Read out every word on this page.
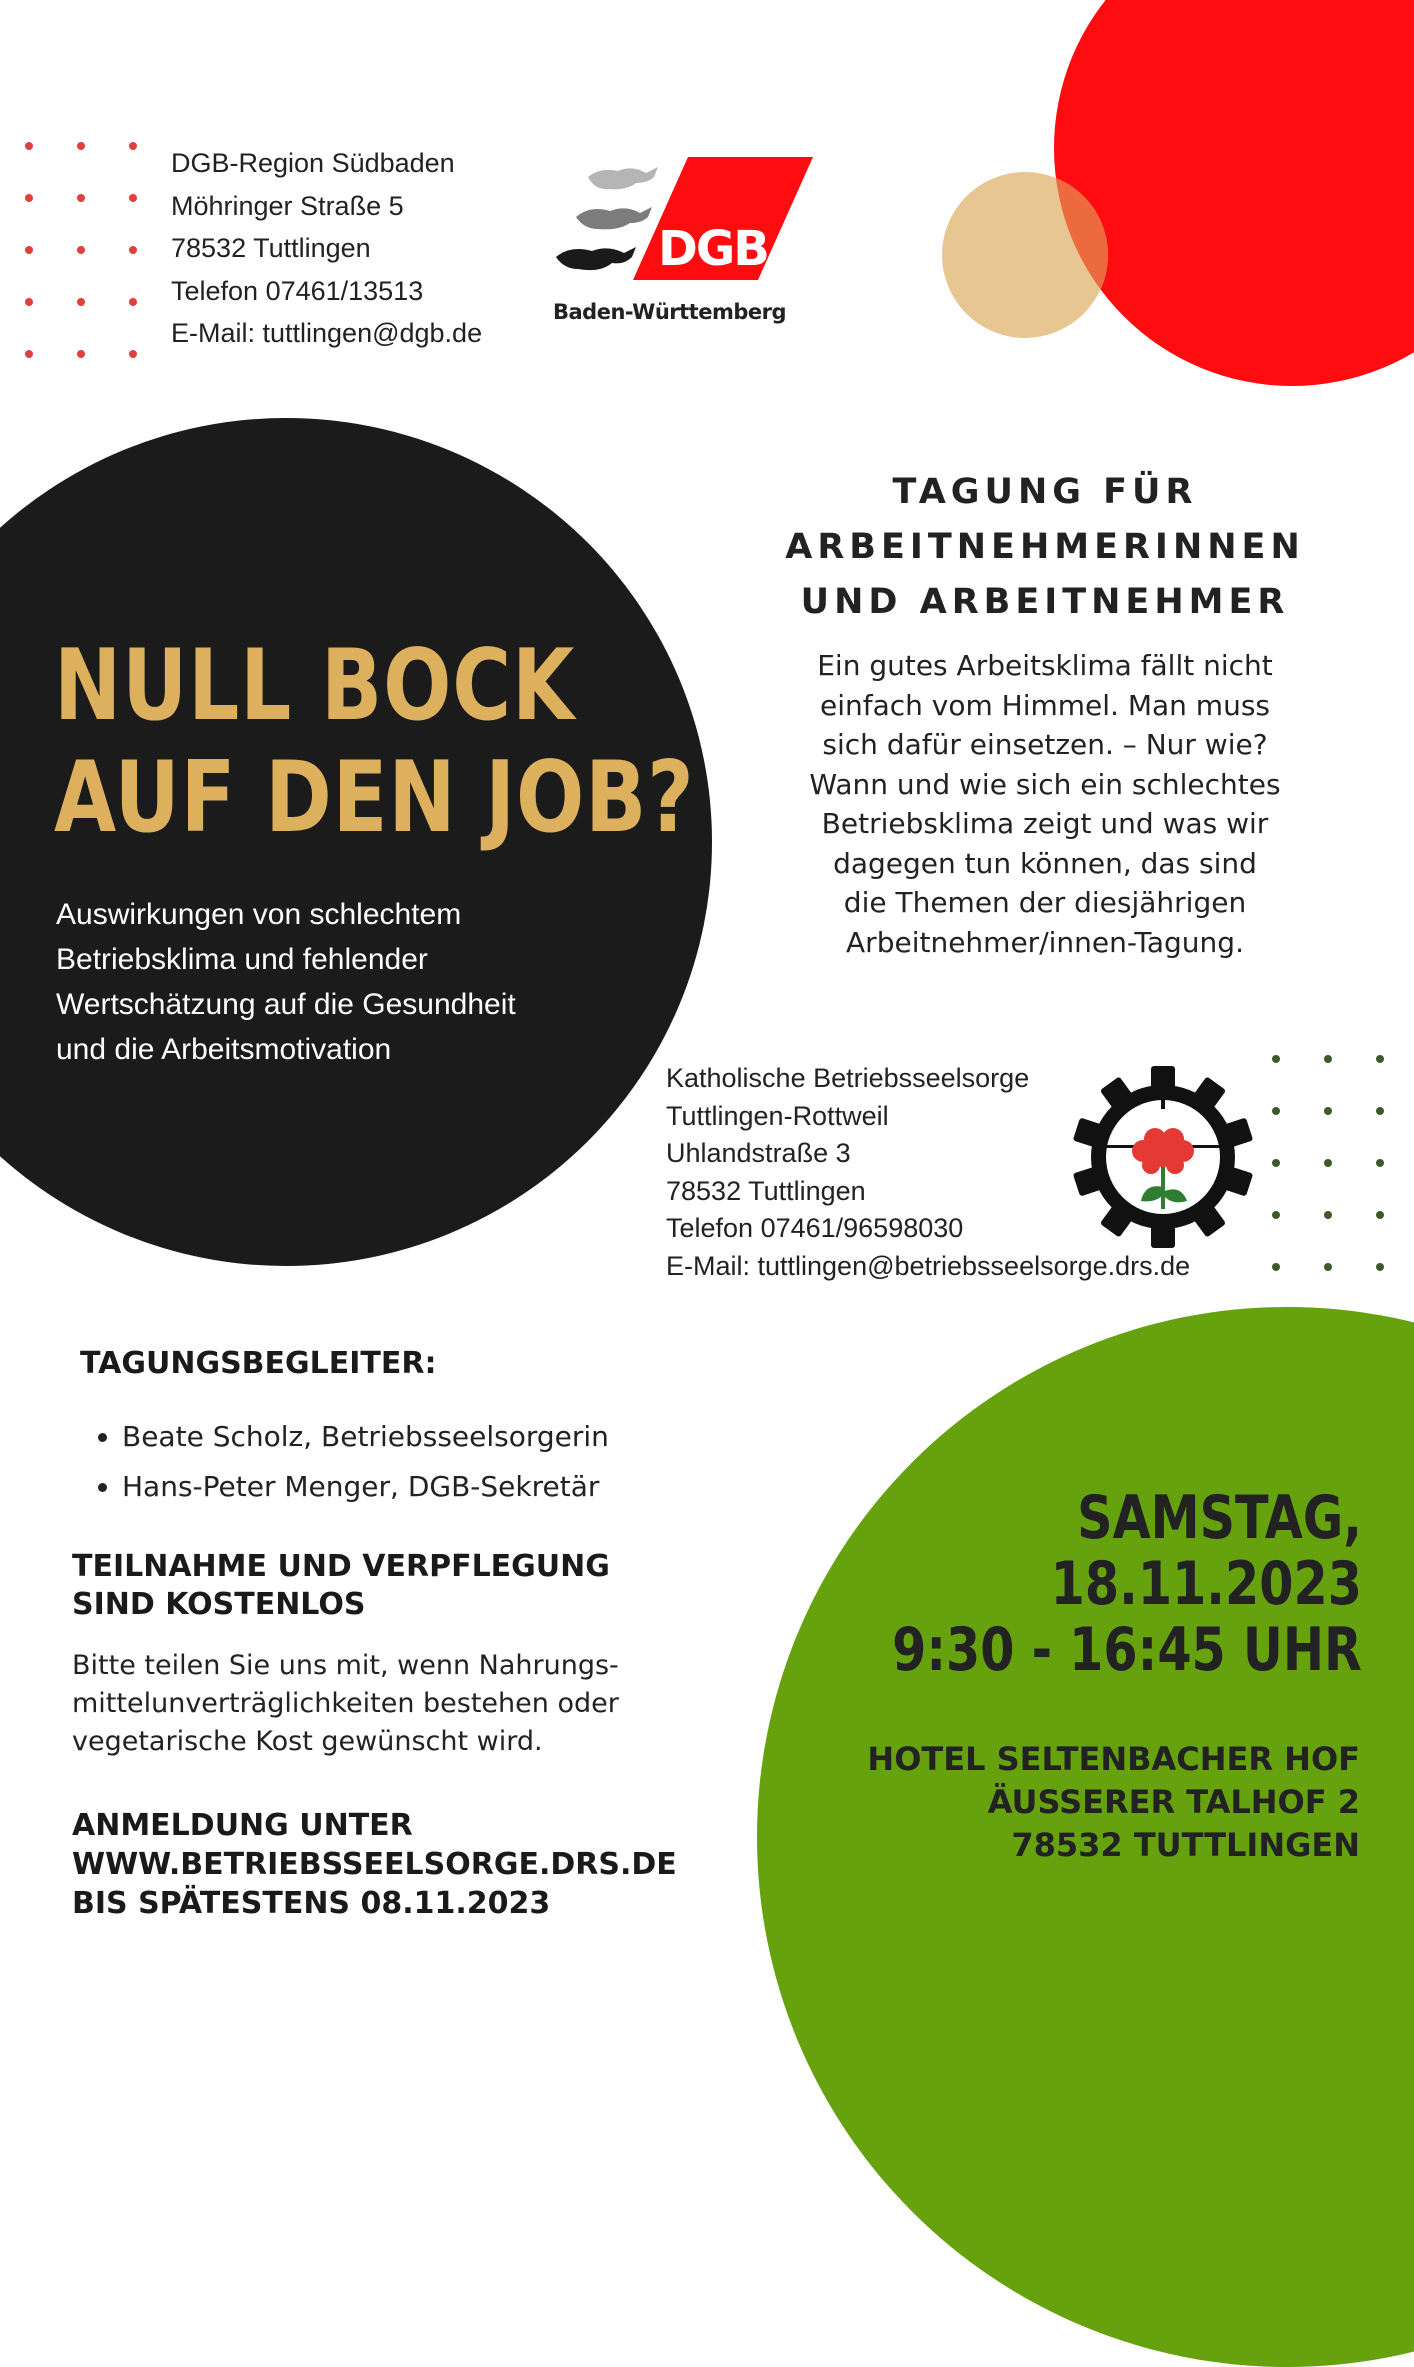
DGB-Region Südbaden
Möhringer Straße 5
78532 Tuttlingen
Telefon 07461/13513
E-Mail: tuttlingen@dgb.de
DGB
Baden-Württemberg
TAGUNG FÜR
ARBEITNEHMERINNEN
UND ARBEITNEHMER
Ein gutes Arbeitsklima fällt nicht
einfach vom Himmel. Man muss
sich dafür einsetzen. – Nur wie?
Wann und wie sich ein schlechtes
Betriebsklima zeigt und was wir
dagegen tun können, das sind
die Themen der diesjährigen
Arbeitnehmer/innen-Tagung.
NULL BOCK
AUF DEN JOB?
Auswirkungen von schlechtem
Betriebsklima und fehlender
Wertschätzung auf die Gesundheit
und die Arbeitsmotivation
Katholische Betriebsseelsorge
Tuttlingen-Rottweil
Uhlandstraße 3
78532 Tuttlingen
Telefon 07461/96598030
E-Mail: tuttlingen@betriebsseelsorge.drs.de
TAGUNGSBEGLEITER:
• Beate Scholz, Betriebsseelsorgerin
• Hans-Peter Menger, DGB-Sekretär
TEILNAHME UND VERPFLEGUNG
SIND KOSTENLOS
Bitte teilen Sie uns mit, wenn Nahrungs-
mittelunverträglichkeiten bestehen oder
vegetarische Kost gewünscht wird.
ANMELDUNG UNTER
WWW.BETRIEBSSEELSORGE.DRS.DE
BIS SPÄTESTENS 08.11.2023
SAMSTAG,
18.11.2023
9:30 - 16:45 UHR
HOTEL SELTENBACHER HOF
ÄUSSERER TALHOF 2
78532 TUTTLINGEN
